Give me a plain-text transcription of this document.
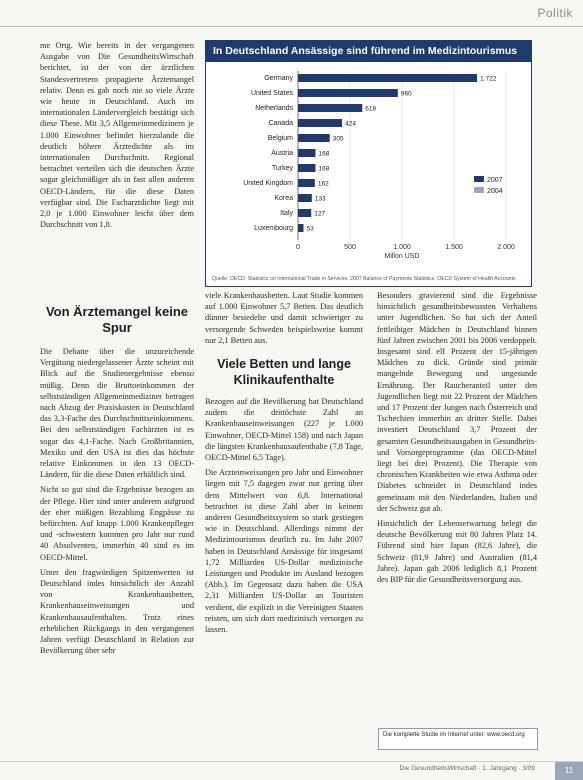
Politik

me Ortg. Wie bereits in der vergangenen Ausgabe von Die GesundheitsWirtschaft berichtet, ist der von der ärztlichen Standesvertretern propagierte Ärztemangel relativ. Denn es gab noch nie so viele Ärzte wie heute in Deutschland. Auch im internationalen Ländervergleich bestätigt sich diese These. Mit 3,5 Allgemeinmedizinern je 1.000 Einwohner befindet hierzulande die deutlich höhere Ärztedichte als im internationalen Durchschnitt. Regional betrachtet verteilen sich die deutschen Ärzte sogar gleichmäßiger als in fast allen anderen OECD-Ländern, für die diese Daten verfügbar sind. Die Facharztdichte liegt mit 2,0 je 1.000 Einwohner leicht über dem Durchschnitt von 1,8.

In Deutschland Ansässige sind führend im Medizintourismus
0	500	1.000	1.500	2.000
Millon USD
Germany	1.722
United States	960
Netherlands	618
Canada	424
Belgium	305
Austria	168
Turkey	168
United Kingdom	162
Korea	133
Italy	127
Luxembourg 53
2007
2004
Quelle: OECD, Statistics on International Trade in Services. 2007 Balance of Payments Statistics, OECD System of Health Accounts
Von Ärztemangel keine Spur

Die Debatte über die unzureichende Vergütung niedergelassener Ärzte scheint mit Blick auf die Studienergebnisse ebenso müßig. Denn die Bruttoeinkommen der selbstständigen Allgemeinmediziner betragen nach Abzug der Praxiskosten in Deutschland das 3,3-Fache des Durchschnittseinkommens. Bei den selbstständigen Fachärzten ist es sogar das 4,1-Fache. Nach Großbritannien, Mexiko und den USA ist dies das höchste relative Einkommen in den 13 OECD-Ländern, für die diese Daten erhältlich sind.

Nicht so gut sind die Ergebnisse bezogen an der Pflege. Hier sind unter anderem aufgrund der eher mäßigen Bezahlung Engpässe zu befürchten. Auf knapp 1.000 Krankenpfleger und -schwestern kommen pro Jahr nur rund 40 Absolventen, immerhin 40 sind es im OECD-Mittel.

Unter den fragwürdigen Spitzenwerten ist Deutschland indes hinsichtlich der Anzahl von Krankenhausbetten, Krankenhauseinweisungen und Krankenhausaufenthalten. Trotz eines erheblichen Rückgangs in den vergangenen Jahren verfügt Deutschland in Relation zur Bevölkerung über sehr

viele Krankenhausbetten. Laut Studie kommen auf 1.000 Einwohner 5,7 Betten. Das deutlich dünner besiedelte und damit schwieriger zu versorgende Schweden beispielsweise kommt nur 2,1 Betten aus.

Viele Betten und lange Klinikaufenthalte

Bezogen auf die Bevölkerung hat Deutschland zudem die drittöchste Zahl an Krankenhauseinweisungen (227 je 1.000 Einwohner, OECD-Mittel 158) und nach Japan die längsten Krankenhausaufenthalte (7,8 Tage, OECD-Mittel 6,5 Tage).

Die Arzteinweisungen pro Jahr und Einwohner liegen mit 7,5 dagegen zwar nur gering über dem Mittelwert von 6,8. International betrachtet ist diese Zahl aber in keinem anderen Gesundheitssystem so stark gestiegen wie in Deutschland. Allerdings nimmt der Medizintourismus deutlich zu. Im Jahr 2007 haben in Deutschland Ansässige für insgesamt 1,72 Milliarden US-Dollar medizinische Leistungen und Produkte im Ausland bezogen (Abb.). Im Gegensatz dazu haben die USA 2,31 Milliarden US-Dollar an Touristen verdient, die explizit in die Vereinigten Staaten reisten, um sich dort medizinisch versorgen zu lassen.

Besonders gravierend sind die Ergebnisse hinsichtlich gesundheitsbewussten Verhaltens unter Jugendlichen. So hat sich der Anteil fettleibiger Mädchen in Deutschland binnen fünf Jahren zwischen 2001 bis 2006 verdoppelt. Insgesamt sind elf Prozent der 15-jährigen Mädchen zu dick. Gründe sind primär mangelnde Bewegung und ungesunde Ernährung. Der Raucheranteil unter den Jugendlichen liegt mit 22 Prozent der Mädchen und 17 Prozent der Jungen nach Österreich und Tschechien immerhin an dritter Stelle. Dabei investiert Deutschland 3,7 Prozent der gesamten Gesundheitsausgaben in Gesundheits- und Vorsorgeprogramme (das OECD-Mittel liegt bei drei Prozent). Die Therapie von chronischen Krankheiten wie etwa Asthma oder Diabetes schneidet in Deutschland indes gemeinsam mit den Niederlanden, Italien und der Schweiz gut ab.

Hinsichtlich der Lebenserwartung belegt die deutsche Bevölkerung mit 80 Jahren Platz 14. Führend sind hier Japan (82,6 Jahre), die Schweiz (81,9 Jahre) und Australien (81,4 Jahre). Japan gab 2006 lediglich 8,1 Prozent des BIP für die Gesundheitsversorgung aus.

Die komplette Studie im Internet unter: www.oecd.org
Die GesundheitsWirtschaft · 1. Jahrgang · 3/09	11
